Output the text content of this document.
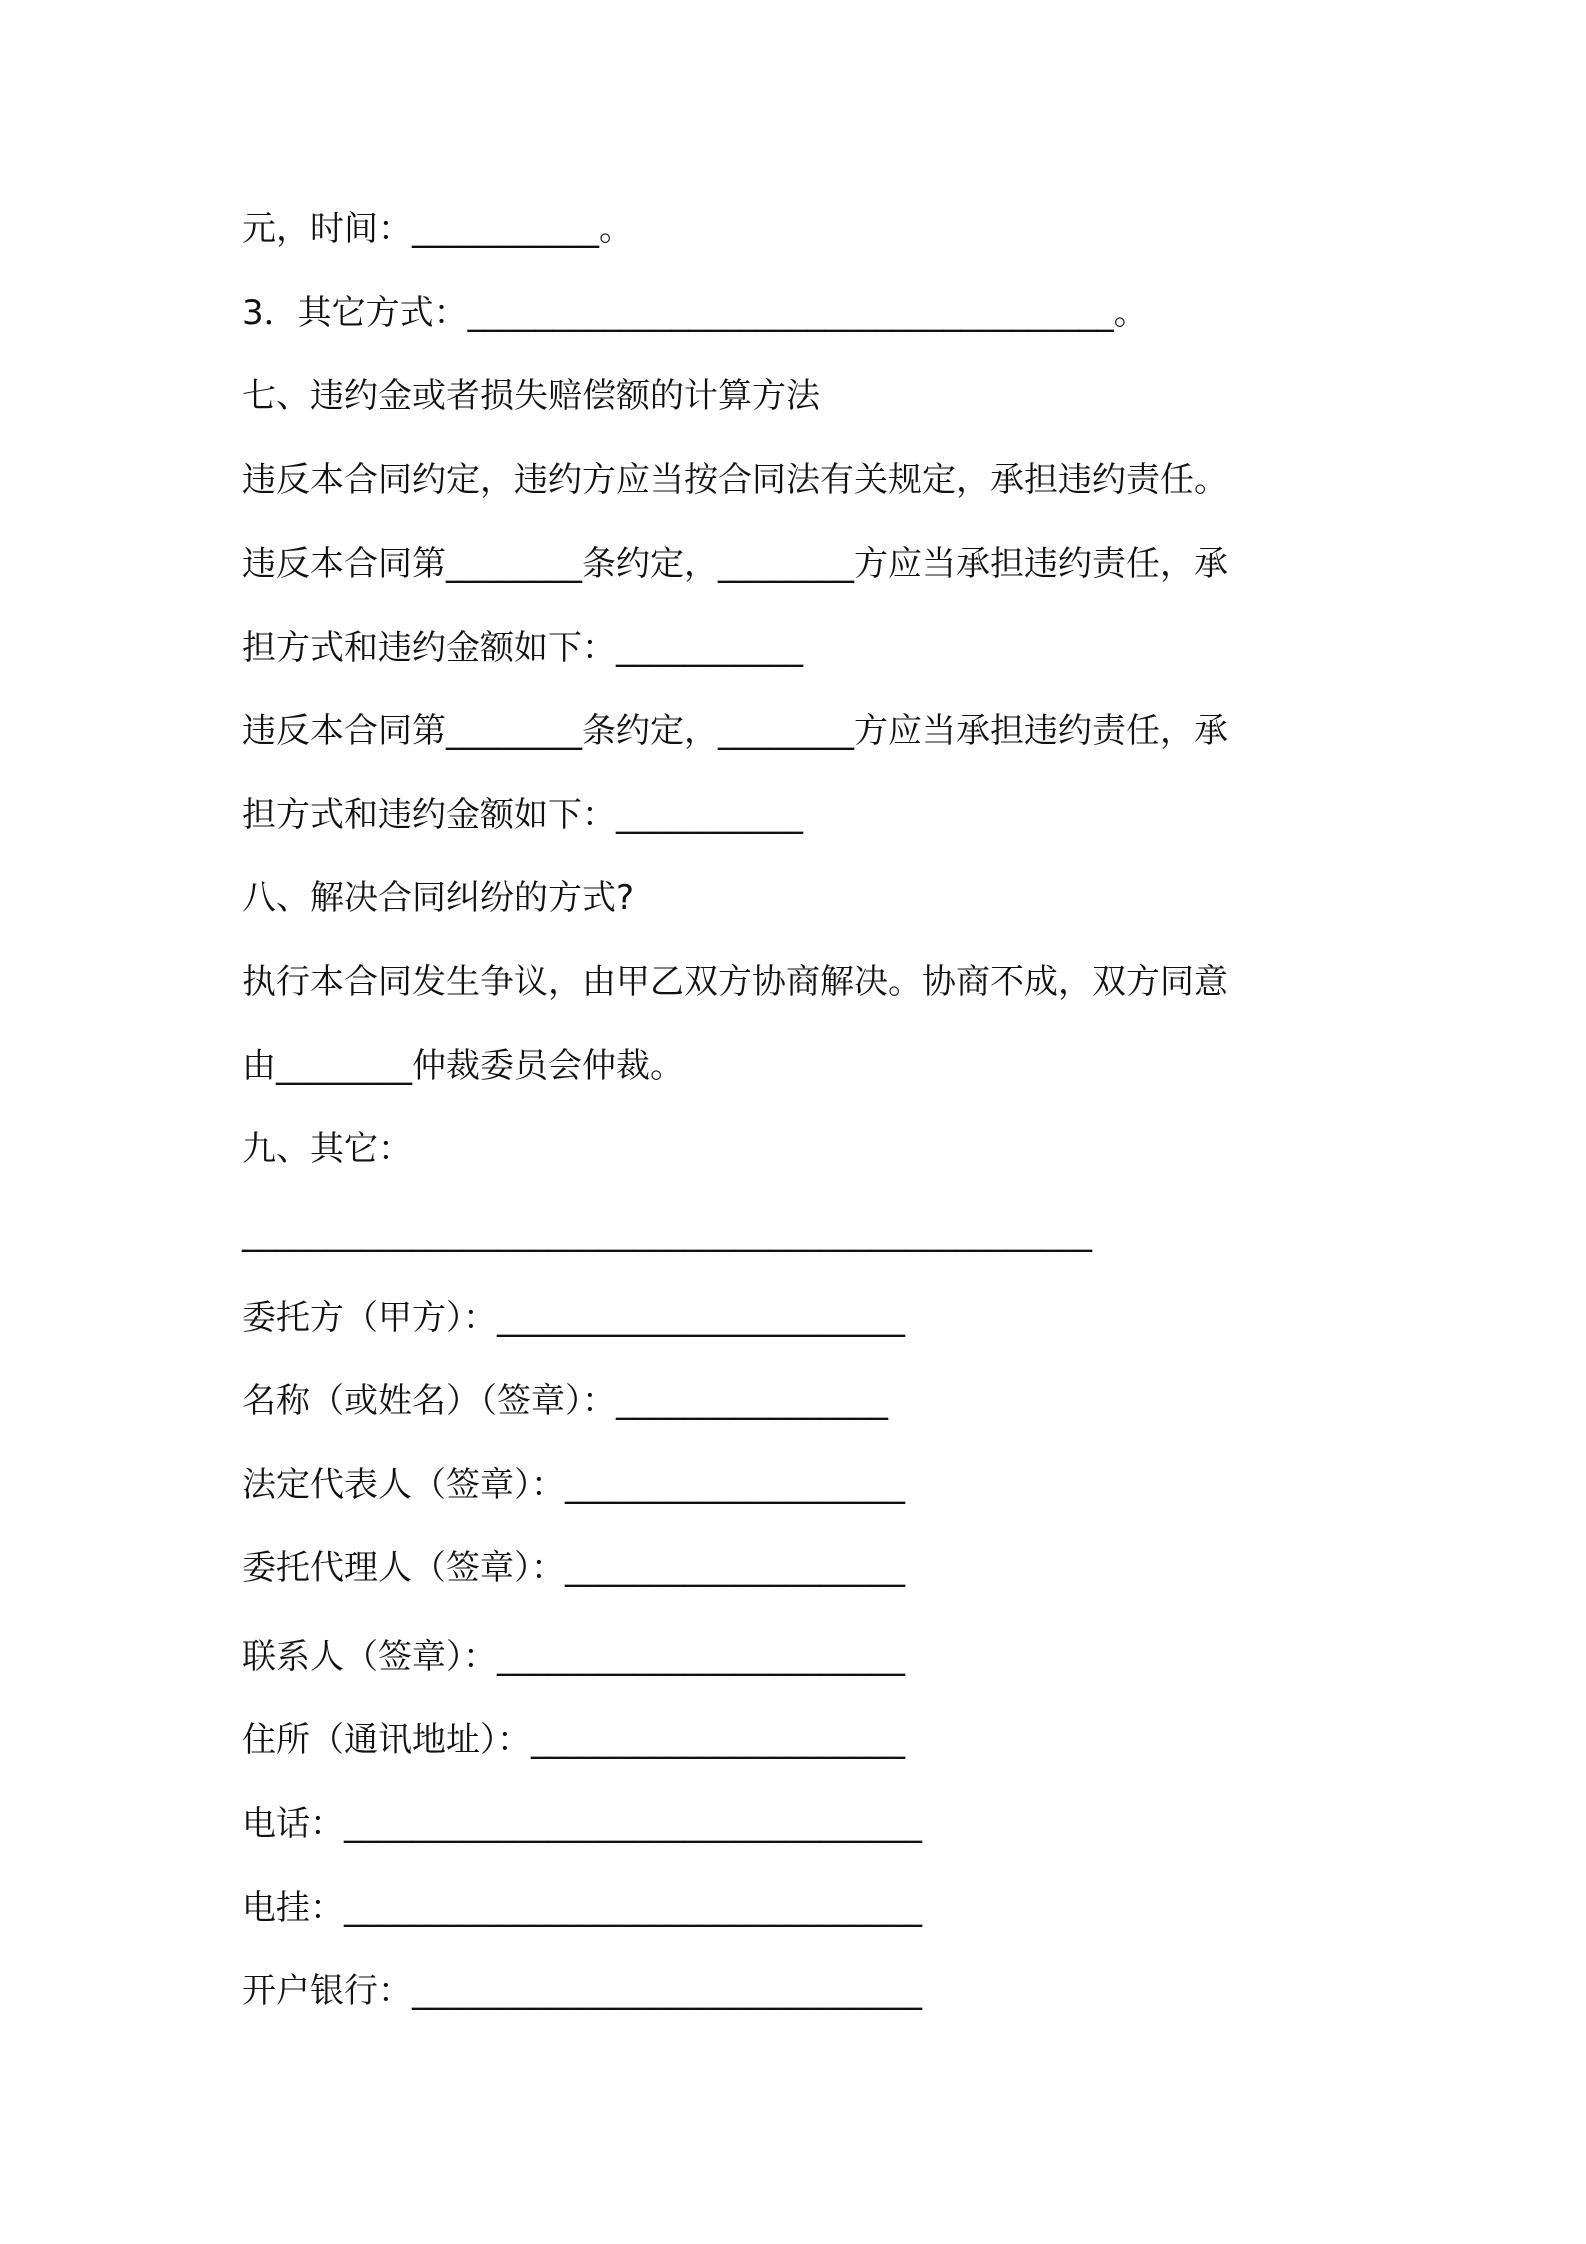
元，时间：___________。
3．其它方式：______________________________________。
七、违约金或者损失赔偿额的计算方法
违反本合同约定，违约方应当按合同法有关规定，承担违约责任。
违反本合同第________条约定，________方应当承担违约责任，承
担方式和违约金额如下：___________
违反本合同第________条约定，________方应当承担违约责任，承
担方式和违约金额如下：___________
八、解决合同纠纷的方式?
执行本合同发生争议，由甲乙双方协商解决。协商不成，双方同意
由________仲裁委员会仲裁。
九、其它：
__________________________________________________
委托方（甲方）：________________________
名称（或姓名）（签章）：________________
法定代表人（签章）：____________________
委托代理人（签章）：____________________
联系人（签章）：________________________
住所（通讯地址）：______________________
电话：__________________________________
电挂：__________________________________
开户银行：______________________________
